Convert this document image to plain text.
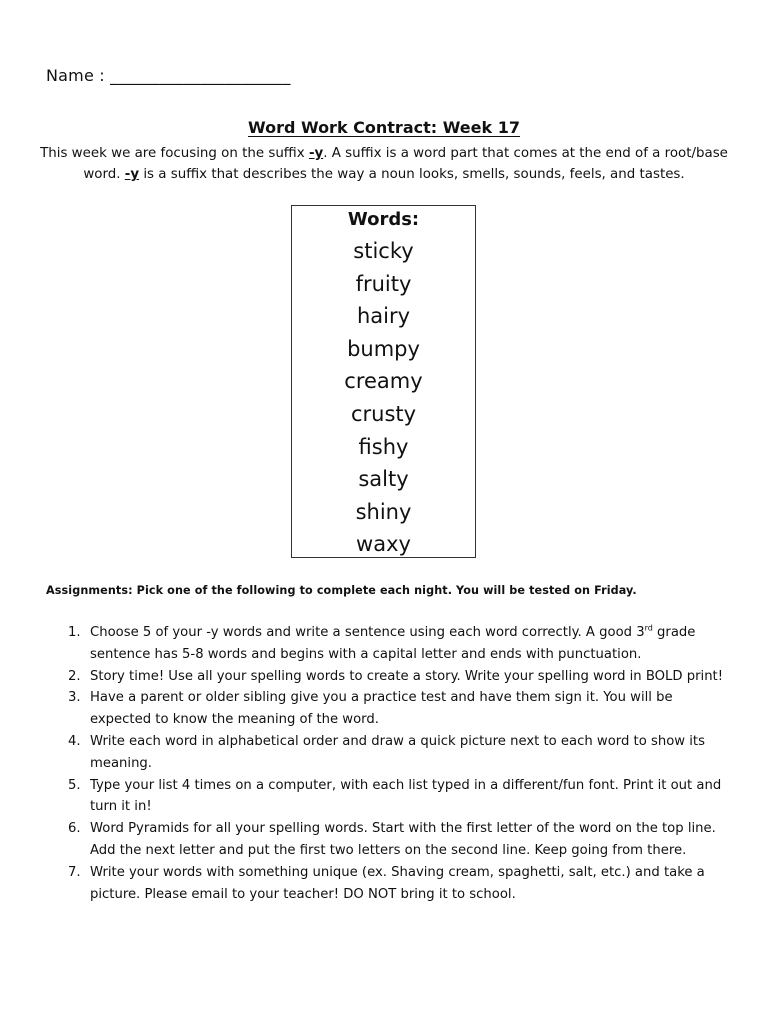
Name : ______________________
Word Work Contract: Week 17
This week we are focusing on the suffix -y. A suffix is a word part that comes at the end of a root/base word. -y is a suffix that describes the way a noun looks, smells, sounds, feels, and tastes.
Words:
sticky
fruity
hairy
bumpy
creamy
crusty
fishy
salty
shiny
waxy
Assignments: Pick one of the following to complete each night. You will be tested on Friday.
1. Choose 5 of your -y words and write a sentence using each word correctly. A good 3rd grade sentence has 5-8 words and begins with a capital letter and ends with punctuation.
2. Story time! Use all your spelling words to create a story. Write your spelling word in BOLD print!
3. Have a parent or older sibling give you a practice test and have them sign it. You will be expected to know the meaning of the word.
4. Write each word in alphabetical order and draw a quick picture next to each word to show its meaning.
5. Type your list 4 times on a computer, with each list typed in a different/fun font. Print it out and turn it in!
6. Word Pyramids for all your spelling words. Start with the first letter of the word on the top line. Add the next letter and put the first two letters on the second line. Keep going from there.
7. Write your words with something unique (ex. Shaving cream, spaghetti, salt, etc.) and take a picture. Please email to your teacher! DO NOT bring it to school.
